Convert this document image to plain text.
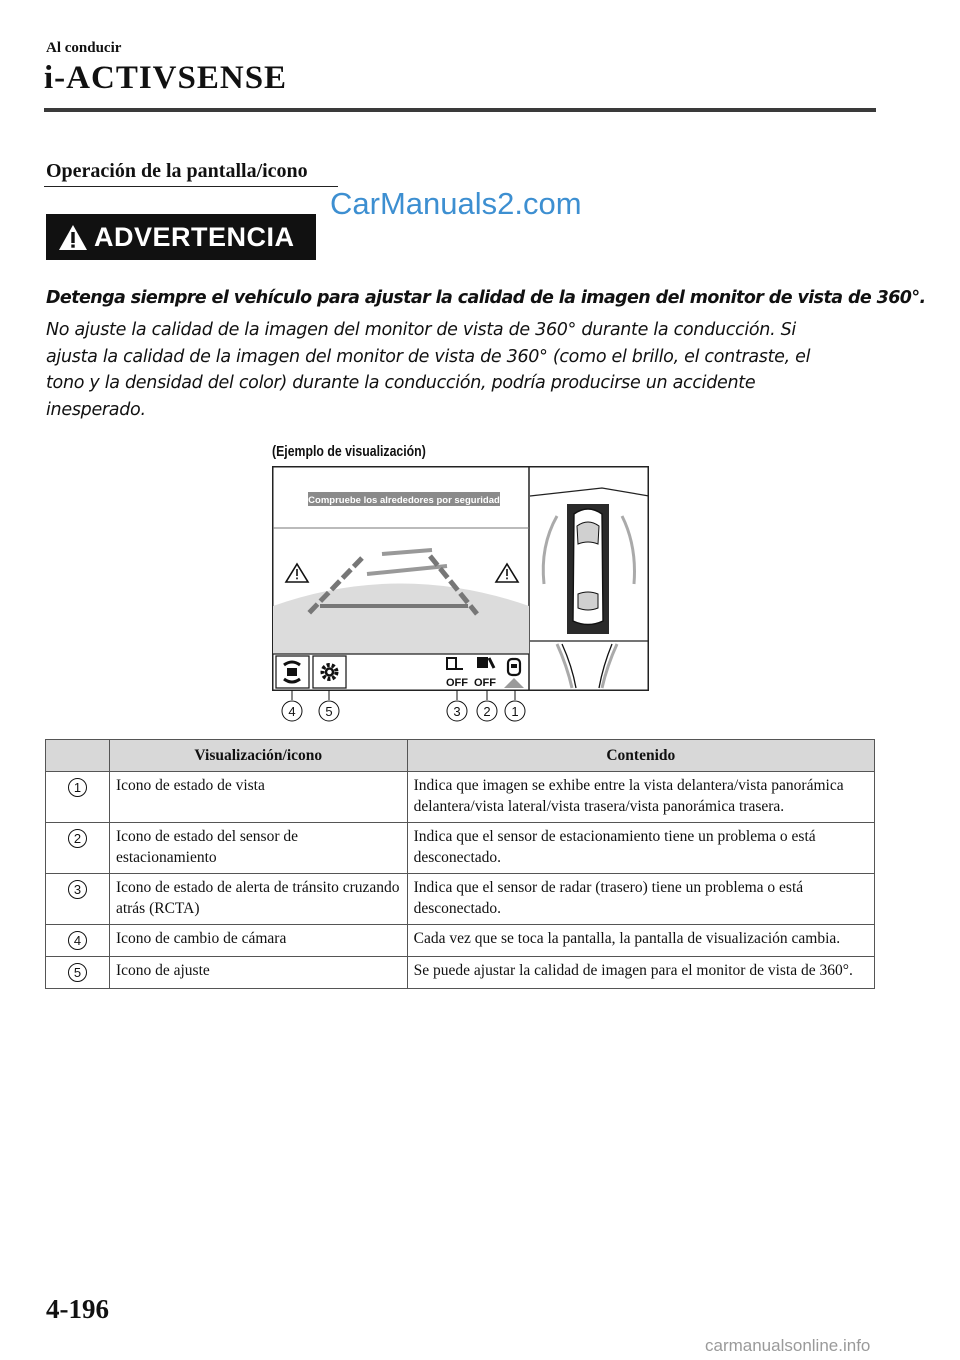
Al conducir
i-ACTIVSENSE
Operación de la pantalla/icono
CarManuals2.com
ADVERTENCIA
Detenga siempre el vehículo para ajustar la calidad de la imagen del monitor de vista de 360°.
No ajuste la calidad de la imagen del monitor de vista de 360° durante la conducción. Si ajusta la calidad de la imagen del monitor de vista de 360° (como el brillo, el contraste, el tono y la densidad del color) durante la conducción, podría producirse un accidente inesperado.
(Ejemplo de visualización)
Compruebe los alrededores por seguridad
OFF OFF
4 5	3 2 1
	Visualización/icono	Contenido
1	Icono de estado de vista	Indica que imagen se exhibe entre la vista delantera/vista panorámica delantera/vista lateral/vista trasera/vista panorámica trasera.
2	Icono de estado del sensor de estacionamiento	Indica que el sensor de estacionamiento tiene un problema o está desconectado.
3	Icono de estado de alerta de tránsito cruzando atrás (RCTA)	Indica que el sensor de radar (trasero) tiene un problema o está desconectado.
4	Icono de cambio de cámara	Cada vez que se toca la pantalla, la pantalla de visualización cambia.
5	Icono de ajuste	Se puede ajustar la calidad de imagen para el monitor de vista de 360°.
4-196
carmanualsonline.info
